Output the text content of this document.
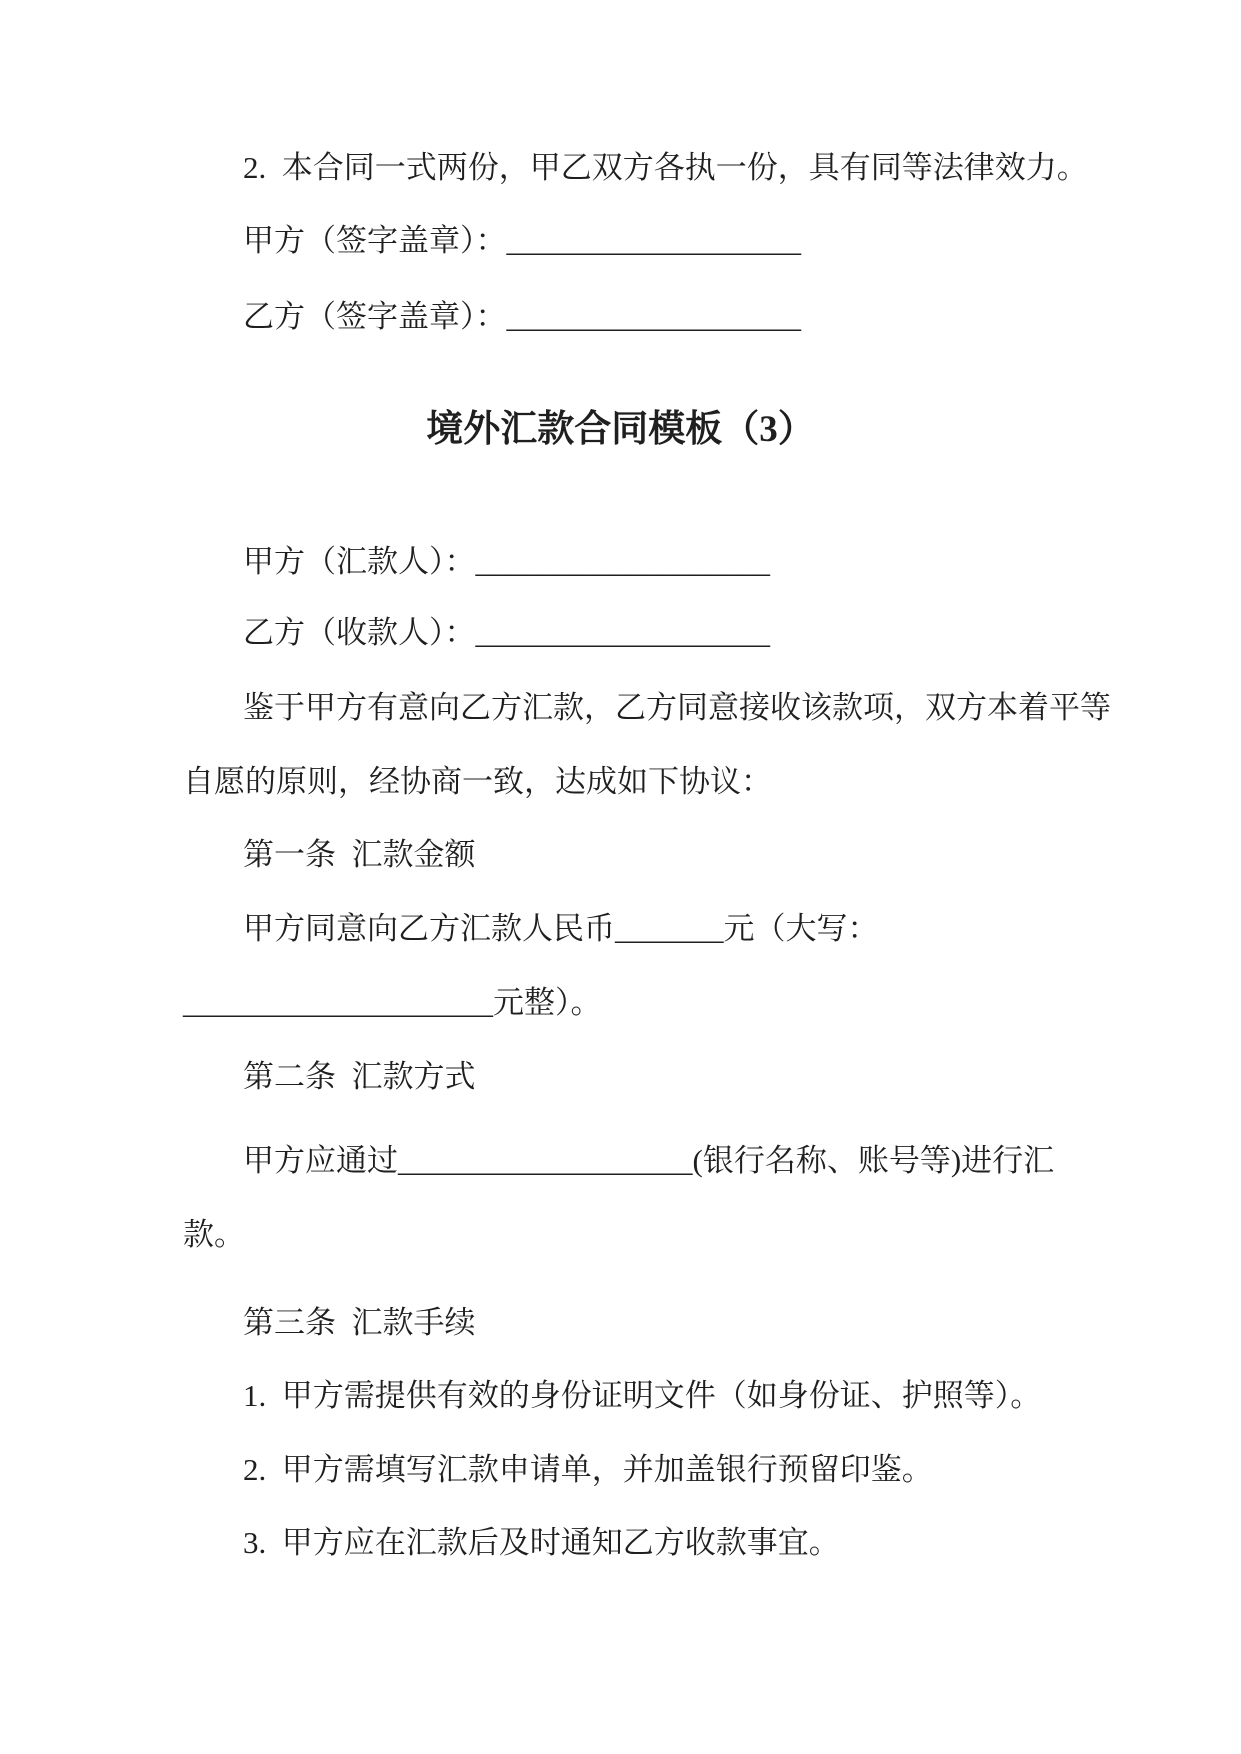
2.  本合同一式两份，甲乙双方各执一份，具有同等法律效力。

甲方（签字盖章）：___________________

乙方（签字盖章）：___________________

境外汇款合同模板（3）

甲方（汇款人）：___________________

乙方（收款人）：___________________

鉴于甲方有意向乙方汇款，乙方同意接收该款项，双方本着平等

自愿的原则，经协商一致，达成如下协议：

第一条  汇款金额

甲方同意向乙方汇款人民币_______元（大写：

____________________元整）。

第二条  汇款方式

甲方应通过___________________(银行名称、账号等)进行汇

款。

第三条  汇款手续

1.  甲方需提供有效的身份证明文件（如身份证、护照等）。

2.  甲方需填写汇款申请单，并加盖银行预留印鉴。

3.  甲方应在汇款后及时通知乙方收款事宜。
